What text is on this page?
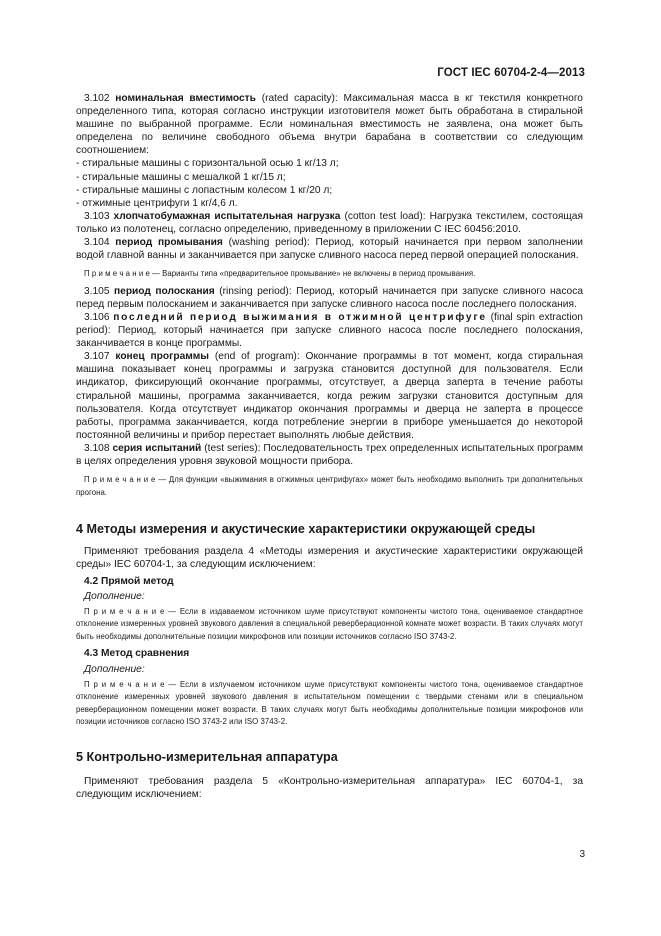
ГОСТ IEC 60704-2-4—2013

3.102 номинальная вместимость (rated capacity): Максимальная масса в кг текстиля конкретного определенного типа, которая согласно инструкции изготовителя может быть обработана в стиральной машине по выбранной программе. Если номинальная вместимость не заявлена, она может быть определена по величине свободного объема внутри барабана в соответствии со следующим соотношением:

- стиральные машины с горизонтальной осью 1 кг/13 л;

- стиральные машины с мешалкой 1 кг/15 л;

- стиральные машины с лопастным колесом 1 кг/20 л;

- отжимные центрифуги 1 кг/4,6 л.

3.103 хлопчатобумажная испытательная нагрузка (cotton test load): Нагрузка текстилем, состоящая только из полотенец, согласно определению, приведенному в приложении C IEC 60456:2010.

3.104 период промывания (washing period): Период, который начинается при первом заполнении водой главной ванны и заканчивается при запуске сливного насоса перед первой операцией полоскания.

П р и м е ч а н и е — Варианты типа «предварительное промывание» не включены в период промывания.

3.105 период полоскания (rinsing period): Период, который начинается при запуске сливного насоса перед первым полосканием и заканчивается при запуске сливного насоса после последнего полоскания.

3.106 последний период выжимания в отжимной центрифуге (final spin extraction period): Период, который начинается при запуске сливного насоса после последнего полоскания, заканчивается в конце программы.

3.107 конец программы (end of program): Окончание программы в тот момент, когда стиральная машина показывает конец программы и загрузка становится доступной для пользователя. Если индикатор, фиксирующий окончание программы, отсутствует, а дверца заперта в течение работы стиральной машины, программа заканчивается, когда режим загрузки становится доступным для пользователя. Когда отсутствует индикатор окончания программы и дверца не заперта в процессе работы, программа заканчивается, когда потребление энергии в приборе уменьшается до некоторой постоянной величины и прибор перестает выполнять любые действия.

3.108 серия испытаний (test series): Последовательность трех определенных испытательных программ в целях определения уровня звуковой мощности прибора.

П р и м е ч а н и е — Для функции «выжимания в отжимных центрифугах» может быть необходимо выполнить три дополнительных прогона.

4 Методы измерения и акустические характеристики окружающей среды

Применяют требования раздела 4 «Методы измерения и акустические характеристики окружающей среды» IEC 60704-1, за следующим исключением:

4.2 Прямой метод

Дополнение:

П р и м е ч а н и е — Если в издаваемом источником шуме присутствуют компоненты чистого тона, оцениваемое стандартное отклонение измеренных уровней звукового давления в специальной реверберационной комнате может возрасти. В таких случаях могут быть необходимы дополнительные позиции микрофонов или позиции источников согласно ISO 3743-2.

4.3 Метод сравнения

Дополнение:

П р и м е ч а н и е — Если в излучаемом источником шуме присутствуют компоненты чистого тона, оцениваемое стандартное отклонение измеренных уровней звукового давления в испытательном помещении с твердыми стенами или в специальном реверберационном помещении может возрасти. В таких случаях могут быть необходимы дополнительные позиции микрофонов или позиции источников согласно ISO 3743-2 или ISO 3743-2.

5 Контрольно-измерительная аппаратура

Применяют требования раздела 5 «Контрольно-измерительная аппаратура» IEC 60704-1, за следующим исключением:

3
